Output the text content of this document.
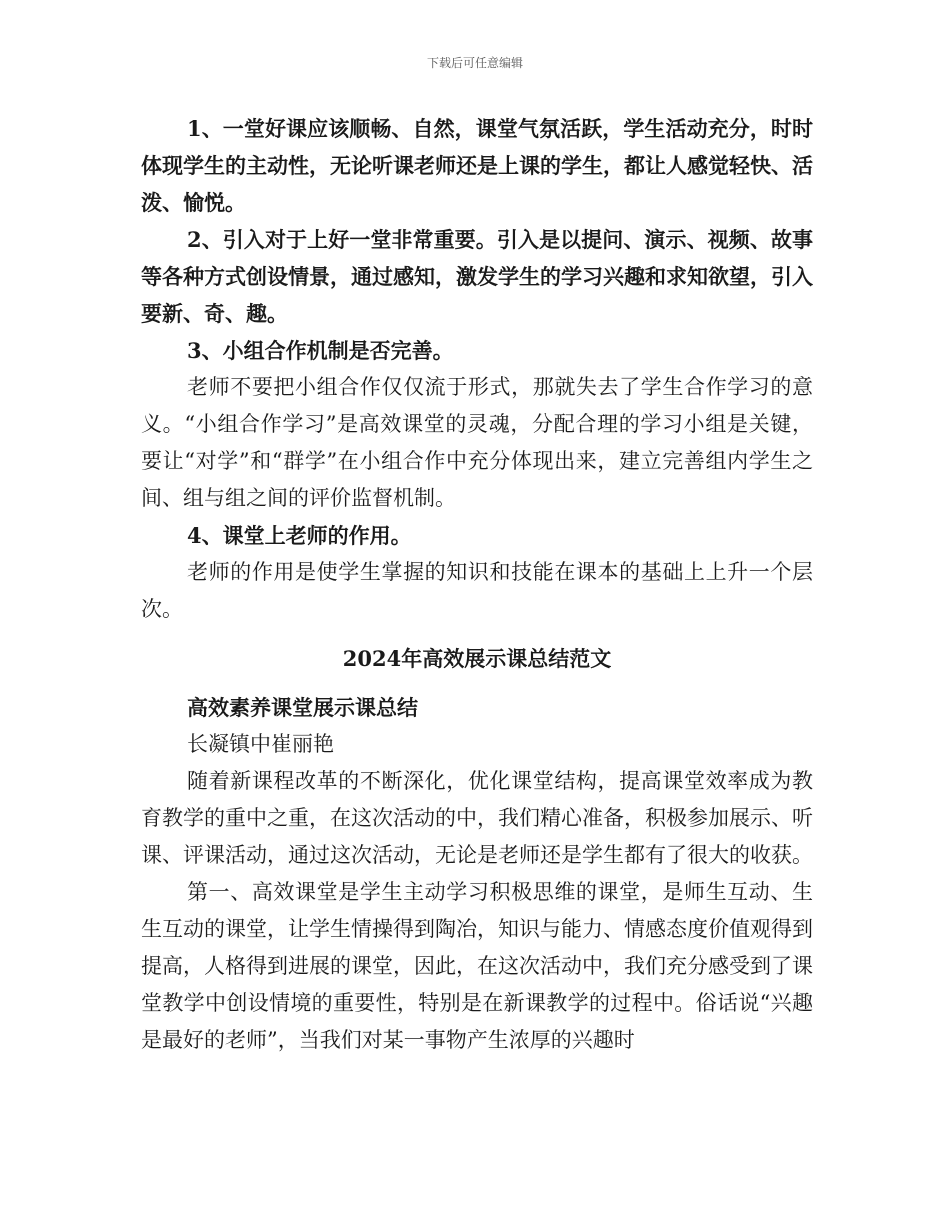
下载后可任意编辑

1、一堂好课应该顺畅、自然，课堂气氛活跃，学生活动充分，时时体现学生的主动性，无论听课老师还是上课的学生，都让人感觉轻快、活泼、愉悦。

2、引入对于上好一堂非常重要。引入是以提问、演示、视频、故事等各种方式创设情景，通过感知，激发学生的学习兴趣和求知欲望，引入要新、奇、趣。

3、小组合作机制是否完善。

老师不要把小组合作仅仅流于形式，那就失去了学生合作学习的意义。“小组合作学习”是高效课堂的灵魂，分配合理的学习小组是关键，要让“对学”和“群学”在小组合作中充分体现出来，建立完善组内学生之间、组与组之间的评价监督机制。

4、课堂上老师的作用。

老师的作用是使学生掌握的知识和技能在课本的基础上上升一个层次。

2024年高效展示课总结范文

高效素养课堂展示课总结

长凝镇中崔丽艳

随着新课程改革的不断深化，优化课堂结构，提高课堂效率成为教育教学的重中之重，在这次活动的中，我们精心准备，积极参加展示、听课、评课活动，通过这次活动，无论是老师还是学生都有了很大的收获。

第一、高效课堂是学生主动学习积极思维的课堂，是师生互动、生生互动的课堂，让学生情操得到陶冶，知识与能力、情感态度价值观得到提高，人格得到进展的课堂，因此，在这次活动中，我们充分感受到了课堂教学中创设情境的重要性，特别是在新课教学的过程中。俗话说“兴趣是最好的老师”，当我们对某一事物产生浓厚的兴趣时
